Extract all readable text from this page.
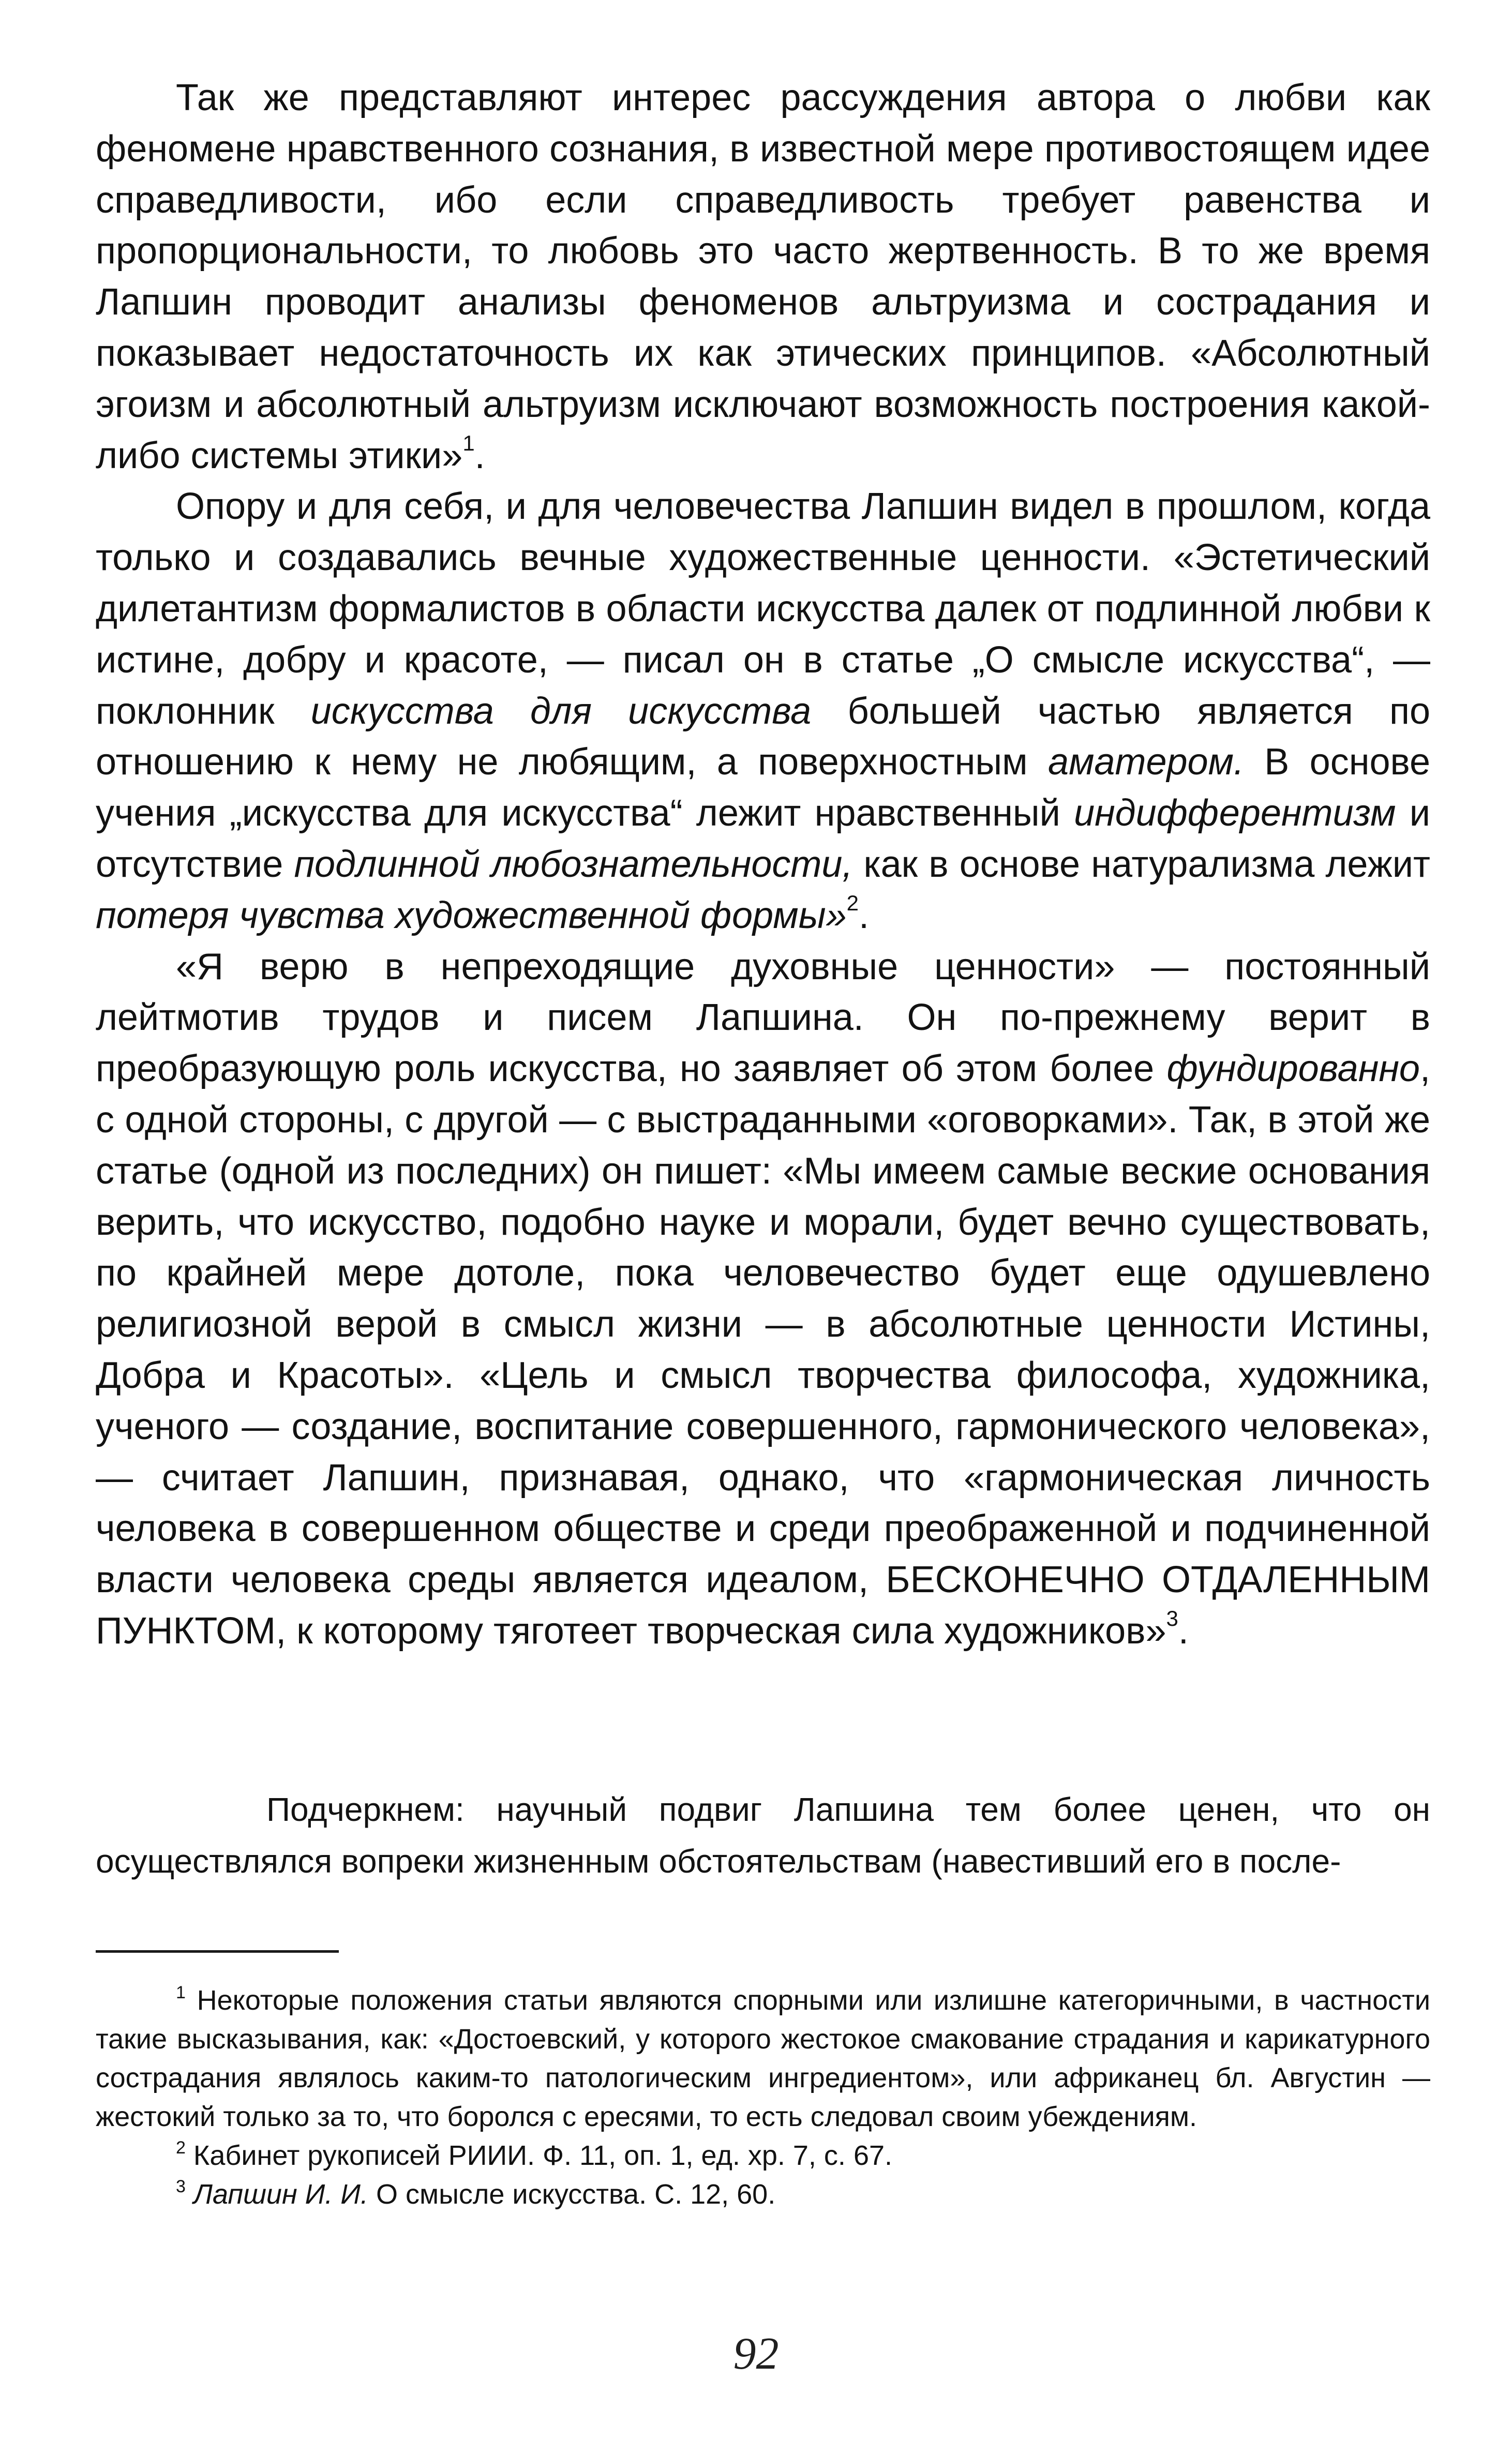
Так же представляют интерес рассуждения автора о любви как феномене нравственного сознания, в известной мере противостоящем идее справедливости, ибо если справедливость требует равенства и пропорциональности, то любовь это часто жертвенность. В то же время Лапшин проводит анализы феноменов альтруизма и сострадания и показывает недостаточность их как этических принципов. «Абсолютный эгоизм и абсолютный альтруизм исключают возможность построения какой-либо системы этики»$^1$.

Опору и для себя, и для человечества Лапшин видел в прошлом, когда только и создавались вечные художественные ценности. «Эстетический дилетантизм формалистов в области искусства далек от подлинной любви к истине, добру и красоте, — писал он в статье „О смысле искусства“, — поклонник искусства для искусства большей частью является по отношению к нему не любящим, а поверхностным аматером. В основе учения „искусства для искусства“ лежит нравственный индифферентизм и отсутствие подлинной любознательности, как в основе натурализма лежит потеря чувства художественной формы»$^2$.

«Я верю в непреходящие духовные ценности» — постоянный лейтмотив трудов и писем Лапшина. Он по-прежнему верит в преобразующую роль искусства, но заявляет об этом более фундированно, с одной стороны, с другой — с выстраданными «оговорками». Так, в этой же статье (одной из последних) он пишет: «Мы имеем самые веские основания верить, что искусство, подобно науке и морали, будет вечно существовать, по крайней мере дотоле, пока человечество будет еще одушевлено религиозной верой в смысл жизни — в абсолютные ценности Истины, Добра и Красоты». «Цель и смысл творчества философа, художника, ученого — создание, воспитание совершенного, гармонического человека», — считает Лапшин, признавая, однако, что «гармоническая личность человека в совершенном обществе и среди преображенной и подчиненной власти человека среды является идеалом, БЕСКОНЕЧНО ОТДАЛЕННЫМ ПУНКТОМ, к которому тяготеет творческая сила художников»$^3$.

Подчеркнем: научный подвиг Лапшина тем более ценен, что он осуществлялся вопреки жизненным обстоятельствам (навестивший его в после-

$^1$ Некоторые положения статьи являются спорными или излишне категоричными, в частности такие высказывания, как: «Достоевский, у которого жестокое смакование страдания и карикатурного сострадания являлось каким-то патологическим ингредиентом», или африканец бл. Августин — жестокий только за то, что боролся с ересями, то есть следовал своим убеждениям.

$^2$ Кабинет рукописей РИИИ. Ф. 11, оп. 1, ед. хр. 7, с. 67.

$^3$ Лапшин И. И. О смысле искусства. С. 12, 60.

92
